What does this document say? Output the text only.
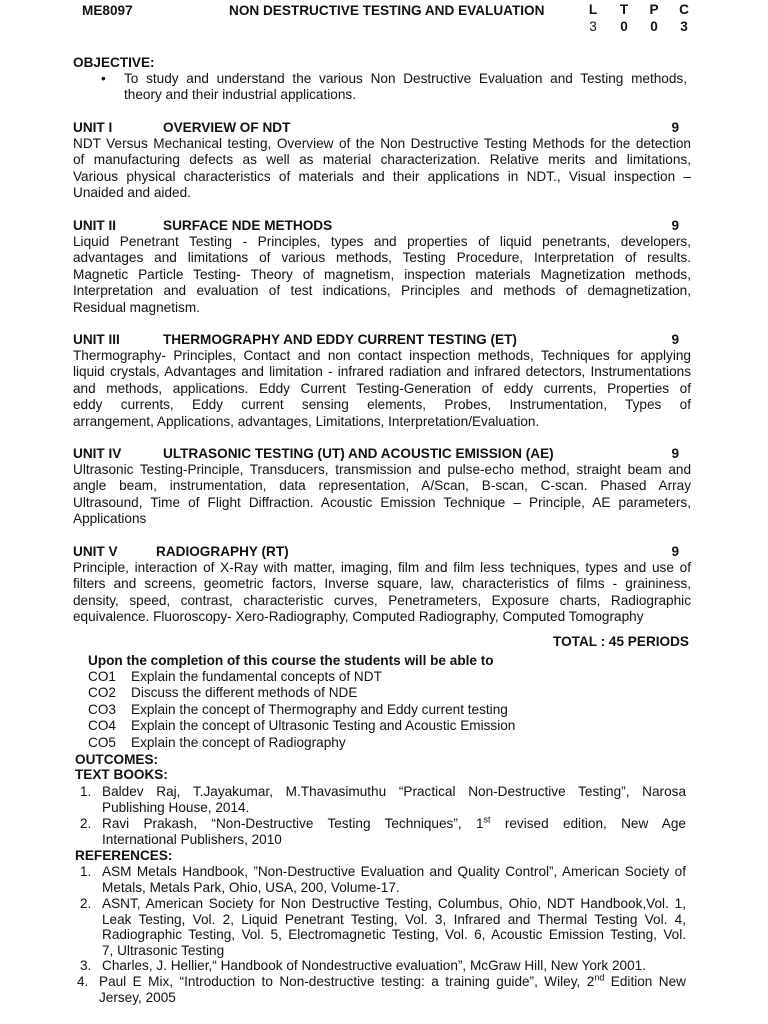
ME8097	NON DESTRUCTIVE TESTING AND EVALUATION	L T P C
3 0 0 3
OBJECTIVE:
• To study and understand the various Non Destructive Evaluation and Testing methods,
theory and their industrial applications.
UNIT I	OVERVIEW OF NDT	9
NDT Versus Mechanical testing, Overview of the Non Destructive Testing Methods for the detection
of manufacturing defects as well as material characterization. Relative merits and limitations,
Various physical characteristics of materials and their applications in NDT., Visual inspection –
Unaided and aided.
UNIT II	SURFACE NDE METHODS	9
Liquid Penetrant Testing - Principles, types and properties of liquid penetrants, developers,
advantages and limitations of various methods, Testing Procedure, Interpretation of results.
Magnetic Particle Testing- Theory of magnetism, inspection materials Magnetization methods,
Interpretation and evaluation of test indications, Principles and methods of demagnetization,
Residual magnetism.
UNIT III	THERMOGRAPHY AND EDDY CURRENT TESTING (ET)	9
Thermography- Principles, Contact and non contact inspection methods, Techniques for applying
liquid crystals, Advantages and limitation - infrared radiation and infrared detectors, Instrumentations
and methods, applications. Eddy Current Testing-Generation of eddy currents, Properties of
eddy currents, Eddy current sensing elements, Probes, Instrumentation, Types of
arrangement, Applications, advantages, Limitations, Interpretation/Evaluation.
UNIT IV	ULTRASONIC TESTING (UT) AND ACOUSTIC EMISSION (AE)	9
Ultrasonic Testing-Principle, Transducers, transmission and pulse-echo method, straight beam and
angle beam, instrumentation, data representation, A/Scan, B-scan, C-scan. Phased Array
Ultrasound, Time of Flight Diffraction. Acoustic Emission Technique – Principle, AE parameters,
Applications
UNIT V	RADIOGRAPHY (RT)	9
Principle, interaction of X-Ray with matter, imaging, film and film less techniques, types and use of
filters and screens, geometric factors, Inverse square, law, characteristics of films - graininess,
density, speed, contrast, characteristic curves, Penetrameters, Exposure charts, Radiographic
equivalence. Fluoroscopy- Xero-Radiography, Computed Radiography, Computed Tomography
TOTAL : 45 PERIODS
Upon the completion of this course the students will be able to
CO1 Explain the fundamental concepts of NDT
CO2 Discuss the different methods of NDE
CO3 Explain the concept of Thermography and Eddy current testing
CO4 Explain the concept of Ultrasonic Testing and Acoustic Emission
CO5 Explain the concept of Radiography
OUTCOMES:
TEXT BOOKS:
1. Baldev Raj, T.Jayakumar, M.Thavasimuthu “Practical Non-Destructive Testing”, Narosa
Publishing House, 2014.
2. Ravi Prakash, “Non-Destructive Testing Techniques”, 1st revised edition, New Age
International Publishers, 2010
REFERENCES:
1. ASM Metals Handbook, ”Non-Destructive Evaluation and Quality Control”, American Society of
Metals, Metals Park, Ohio, USA, 200, Volume-17.
2. ASNT, American Society for Non Destructive Testing, Columbus, Ohio, NDT Handbook,Vol. 1,
Leak Testing, Vol. 2, Liquid Penetrant Testing, Vol. 3, Infrared and Thermal Testing Vol. 4,
Radiographic Testing, Vol. 5, Electromagnetic Testing, Vol. 6, Acoustic Emission Testing, Vol.
7, Ultrasonic Testing
3. Charles, J. Hellier,“ Handbook of Nondestructive evaluation”, McGraw Hill, New York 2001.
4. Paul E Mix, “Introduction to Non-destructive testing: a training guide”, Wiley, 2nd Edition New
Jersey, 2005
